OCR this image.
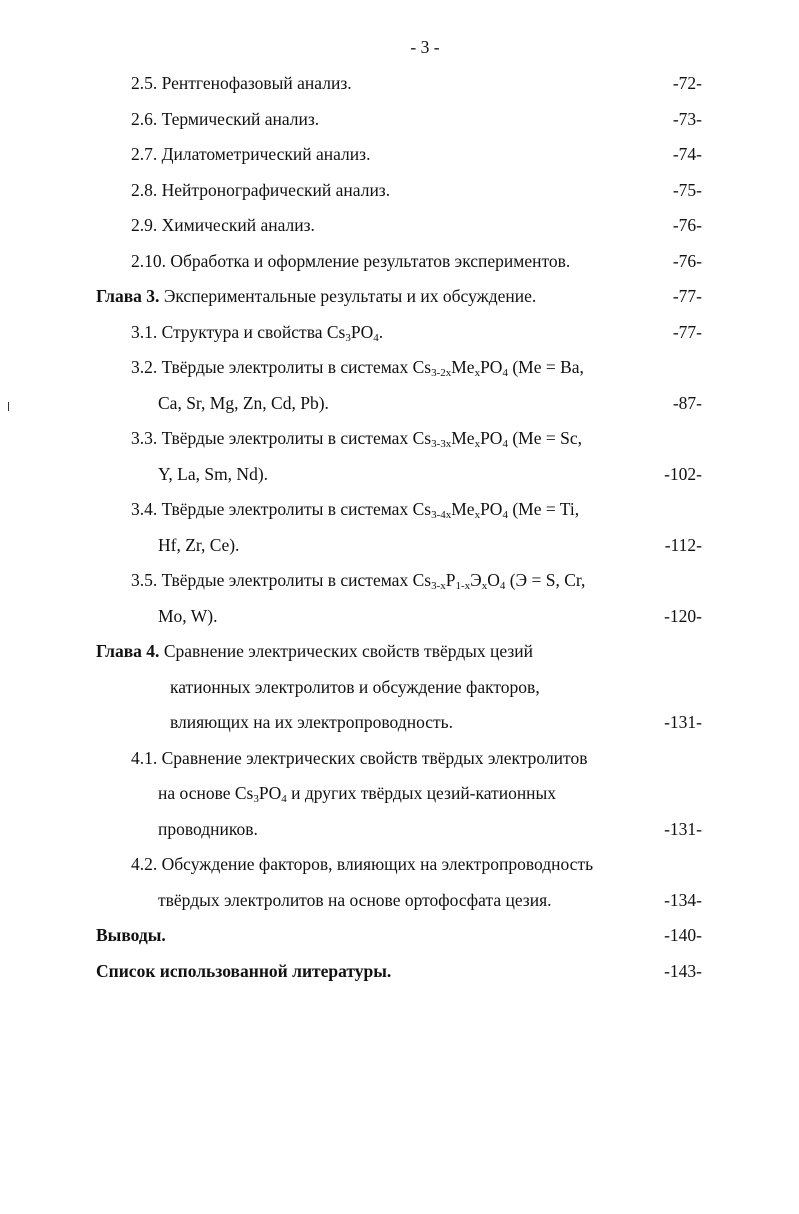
- 3 -
2.5. Рентгенофазовый анализ.	-72-
2.6. Термический анализ.	-73-
2.7. Дилатометрический анализ.	-74-
2.8. Нейтронографический анализ.	-75-
2.9. Химический анализ.	-76-
2.10. Обработка и оформление результатов экспериментов.	-76-
Глава 3. Экспериментальные результаты и их обсуждение.	-77-
3.1. Структура и свойства $Cs_3PO_4$.	-77-
3.2. Твёрдые электролиты в системах $Cs_{3-2x}Me_xPO_4$ (Me = Ba,
Ca, Sr, Mg, Zn, Cd, Pb).	-87-
3.3. Твёрдые электролиты в системах $Cs_{3-3x}Me_xPO_4$ (Me = Sc,
Y, La, Sm, Nd).	-102-
3.4. Твёрдые электролиты в системах $Cs_{3-4x}Me_xPO_4$ (Me = Ti,
Hf, Zr, Ce).	-112-
3.5. Твёрдые электролиты в системах $Cs_{3-x}P_{1-x}Э_xO_4$ (Э = S, Cr,
Mo, W).	-120-
Глава 4. Сравнение электрических свойств твёрдых цезий
катионных электролитов и обсуждение факторов,
влияющих на их электропроводность.	-131-
4.1. Сравнение электрических свойств твёрдых электролитов
на основе $Cs_3PO_4$ и других твёрдых цезий-катионных
проводников.	-131-
4.2. Обсуждение факторов, влияющих на электропроводность
твёрдых электролитов на основе ортофосфата цезия.	-134-
Выводы.	-140-
Список использованной литературы.	-143-
